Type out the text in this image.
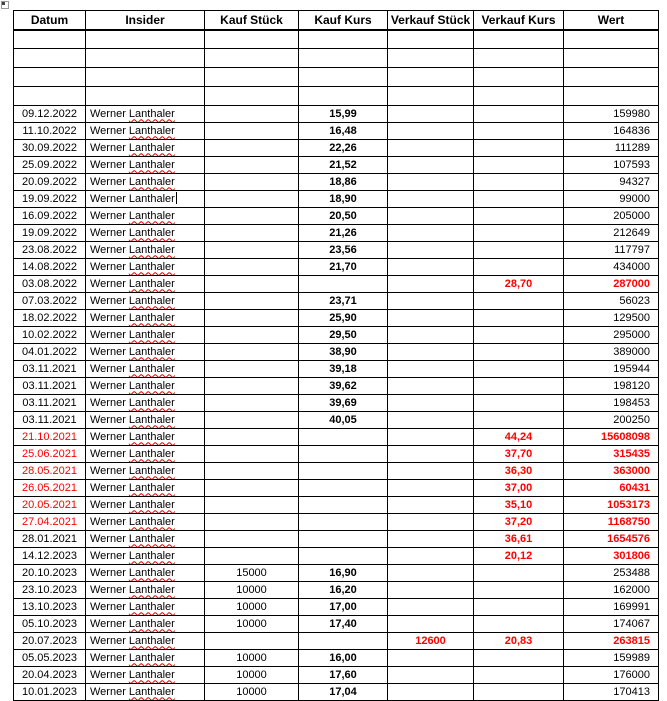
Datum	Insider	Kauf Stück	Kauf Kurs	Verkauf Stück	Verkauf Kurs	Wert

09.12.2022	Werner Lanthaler		15,99			159980
11.10.2022	Werner Lanthaler		16,48			164836
30.09.2022	Werner Lanthaler		22,26			111289
25.09.2022	Werner Lanthaler		21,52			107593
20.09.2022	Werner Lanthaler		18,86			94327
19.09.2022	Werner Lanthaler		18,90			99000
16.09.2022	Werner Lanthaler		20,50			205000
19.09.2022	Werner Lanthaler		21,26			212649
23.08.2022	Werner Lanthaler		23,56			117797
14.08.2022	Werner Lanthaler		21,70			434000
03.08.2022	Werner Lanthaler				28,70	287000
07.03.2022	Werner Lanthaler		23,71			56023
18.02.2022	Werner Lanthaler		25,90			129500
10.02.2022	Werner Lanthaler		29,50			295000
04.01.2022	Werner Lanthaler		38,90			389000
03.11.2021	Werner Lanthaler		39,18			195944
03.11.2021	Werner Lanthaler		39,62			198120
03.11.2021	Werner Lanthaler		39,69			198453
03.11.2021	Werner Lanthaler		40,05			200250
21.10.2021	Werner Lanthaler				44,24	15608098
25.06.2021	Werner Lanthaler				37,70	315435
28.05.2021	Werner Lanthaler				36,30	363000
26.05.2021	Werner Lanthaler				37,00	60431
20.05.2021	Werner Lanthaler				35,10	1053173
27.04.2021	Werner Lanthaler				37,20	1168750
28.01.2021	Werner Lanthaler				36,61	1654576
14.12.2023	Werner Lanthaler				20,12	301806
20.10.2023	Werner Lanthaler	15000	16,90			253488
23.10.2023	Werner Lanthaler	10000	16,20			162000
13.10.2023	Werner Lanthaler	10000	17,00			169991
05.10.2023	Werner Lanthaler	10000	17,40			174067
20.07.2023	Werner Lanthaler			12600	20,83	263815
05.05.2023	Werner Lanthaler	10000	16,00			159989
20.04.2023	Werner Lanthaler	10000	17,60			176000
10.01.2023	Werner Lanthaler	10000	17,04			170413
